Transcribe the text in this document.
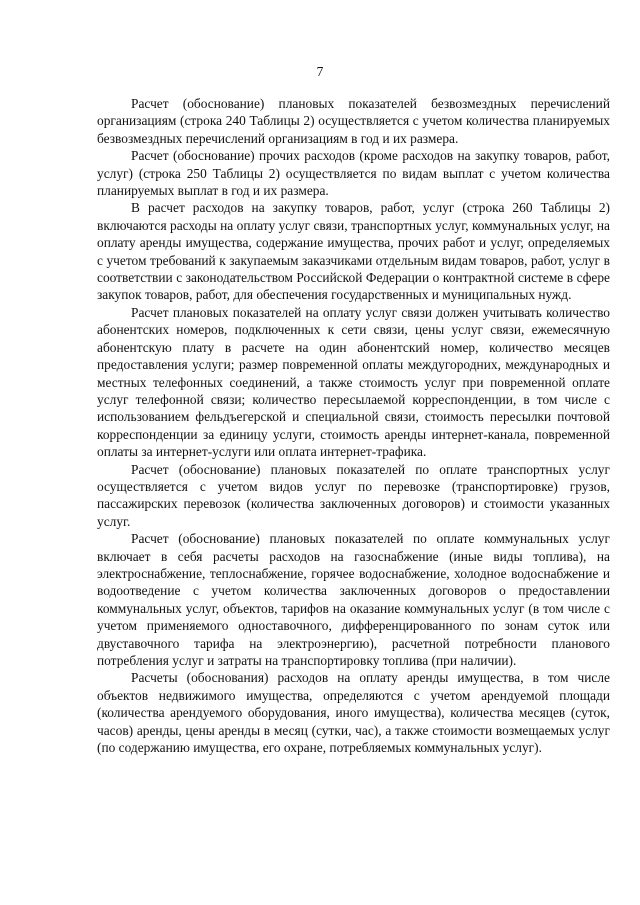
7

Расчет (обоснование) плановых показателей безвозмездных перечислений организациям (строка 240 Таблицы 2) осуществляется с учетом количества планируемых безвозмездных перечислений организациям в год и их размера.

Расчет (обоснование) прочих расходов (кроме расходов на закупку товаров, работ, услуг) (строка 250 Таблицы 2) осуществляется по видам выплат с учетом количества планируемых выплат в год и их размера.

В расчет расходов на закупку товаров, работ, услуг (строка 260 Таблицы 2) включаются расходы на оплату услуг связи, транспортных услуг, коммунальных услуг, на оплату аренды имущества, содержание имущества, прочих работ и услуг, определяемых с учетом требований к закупаемым заказчиками отдельным видам товаров, работ, услуг в соответствии с законодательством Российской Федерации о контрактной системе в сфере закупок товаров, работ, для обеспечения государственных и муниципальных нужд.

Расчет плановых показателей на оплату услуг связи должен учитывать количество абонентских номеров, подключенных к сети связи, цены услуг связи, ежемесячную абонентскую плату в расчете на один абонентский номер, количество месяцев предоставления услуги; размер повременной оплаты междугородних, международных и местных телефонных соединений, а также стоимость услуг при повременной оплате услуг телефонной связи; количество пересылаемой корреспонденции, в том числе с использованием фельдъегерской и специальной связи, стоимость пересылки почтовой корреспонденции за единицу услуги, стоимость аренды интернет-канала, повременной оплаты за интернет-услуги или оплата интернет-трафика.

Расчет (обоснование) плановых показателей по оплате транспортных услуг осуществляется с учетом видов услуг по перевозке (транспортировке) грузов, пассажирских перевозок (количества заключенных договоров) и стоимости указанных услуг.

Расчет (обоснование) плановых показателей по оплате коммунальных услуг включает в себя расчеты расходов на газоснабжение (иные виды топлива), на электроснабжение, теплоснабжение, горячее водоснабжение, холодное водоснабжение и водоотведение с учетом количества заключенных договоров о предоставлении коммунальных услуг, объектов, тарифов на оказание коммунальных услуг (в том числе с учетом применяемого одноставочного, дифференцированного по зонам суток или двуставочного тарифа на электроэнергию), расчетной потребности планового потребления услуг и затраты на транспортировку топлива (при наличии).

Расчеты (обоснования) расходов на оплату аренды имущества, в том числе объектов недвижимого имущества, определяются с учетом арендуемой площади (количества арендуемого оборудования, иного имущества), количества месяцев (суток, часов) аренды, цены аренды в месяц (сутки, час), а также стоимости возмещаемых услуг (по содержанию имущества, его охране, потребляемых коммунальных услуг).
